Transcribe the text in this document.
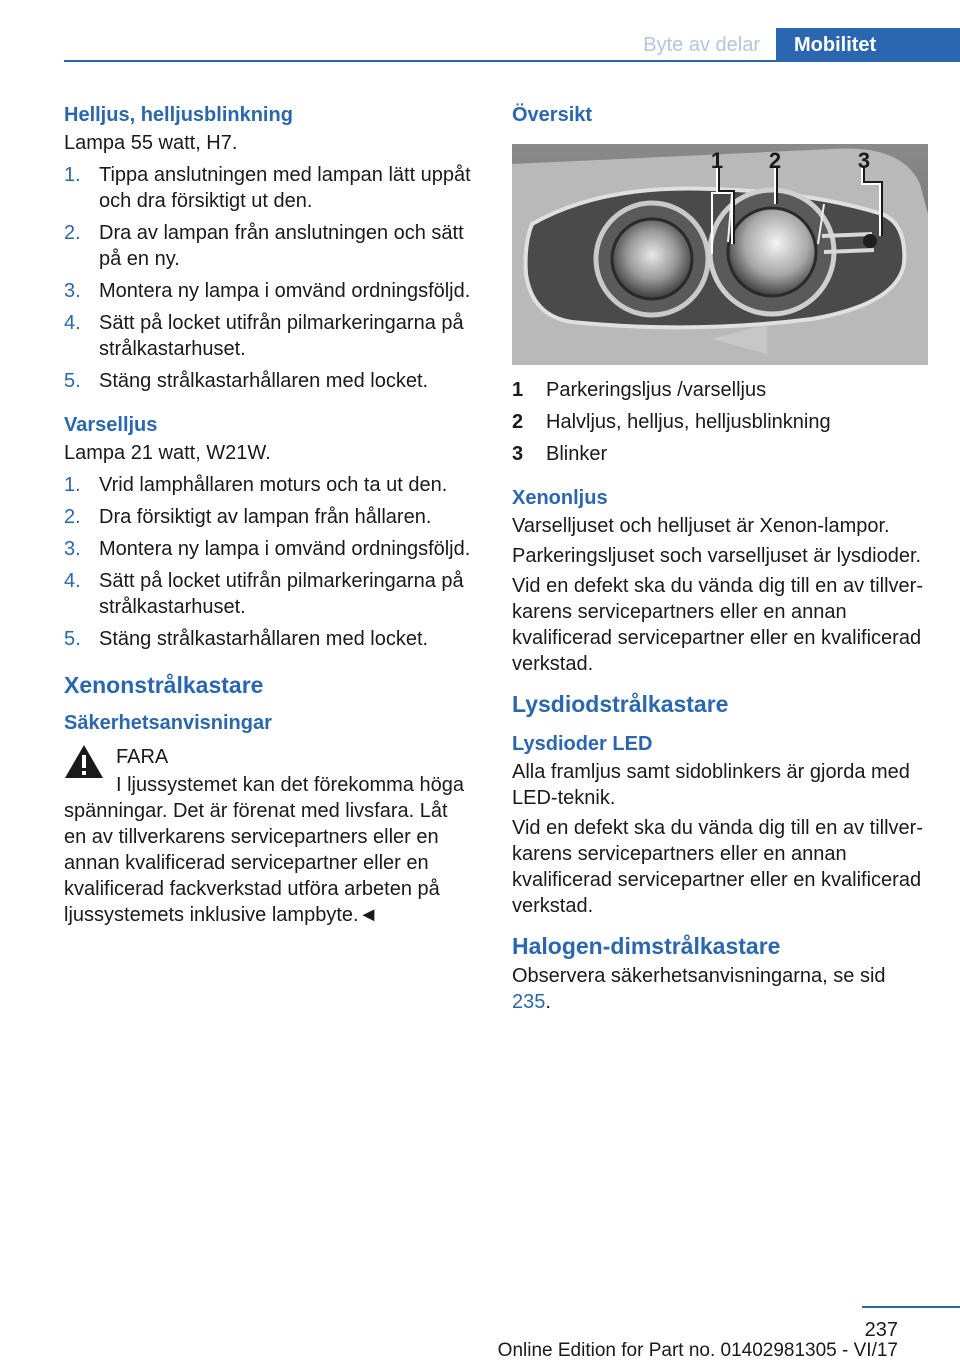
Byte av delar	Mobilitet
Helljus, helljusblinkning

Lampa 55 watt, H7.

1. Tippa anslutningen med lampan lätt uppåt och dra försiktigt ut den.
2. Dra av lampan från anslutningen och sätt på en ny.
3. Montera ny lampa i omvänd ordningsföljd.
4. Sätt på locket utifrån pilmarkeringarna på strålkastarhuset.
5. Stäng strålkastarhållaren med locket.
Varselljus

Lampa 21 watt, W21W.

1. Vrid lamphållaren moturs och ta ut den.
2. Dra försiktigt av lampan från hållaren.
3. Montera ny lampa i omvänd ordningsföljd.
4. Sätt på locket utifrån pilmarkeringarna på strålkastarhuset.
5. Stäng strålkastarhållaren med locket.
Xenonstrålkastare
Säkerhetsanvisningar
FARA

I ljussystemet kan det förekomma höga

spänningar. Det är förenat med livsfara. Låt en av tillverkarens servicepartners eller en annan kvalificerad servicepartner eller en kvalificerad fackverkstad utföra arbeten på ljussystemets inklusive lampbyte.◄

Översikt
1 2	3
1 Parkeringsljus /varselljus
2 Halvljus, helljus, helljusblinkning
3 Blinker
Xenonljus

Varselljuset och helljuset är Xenon-lampor.

Parkeringsljuset soch varselljuset är lysdioder.

Vid en defekt ska du vända dig till en av tillverkarens servicepartners eller en annan kvalificerad servicepartner eller en kvalificerad verkstad.

Lysdiodstrålkastare
Lysdioder LED

Alla framljus samt sidoblinkers är gjorda med LED-teknik.

Vid en defekt ska du vända dig till en av tillverkarens servicepartners eller en annan kvalificerad servicepartner eller en kvalificerad verkstad.

Halogen-dimstrålkastare

Observera säkerhetsanvisningarna, se sid 235.

237
Online Edition for Part no. 01402981305 - VI/17
